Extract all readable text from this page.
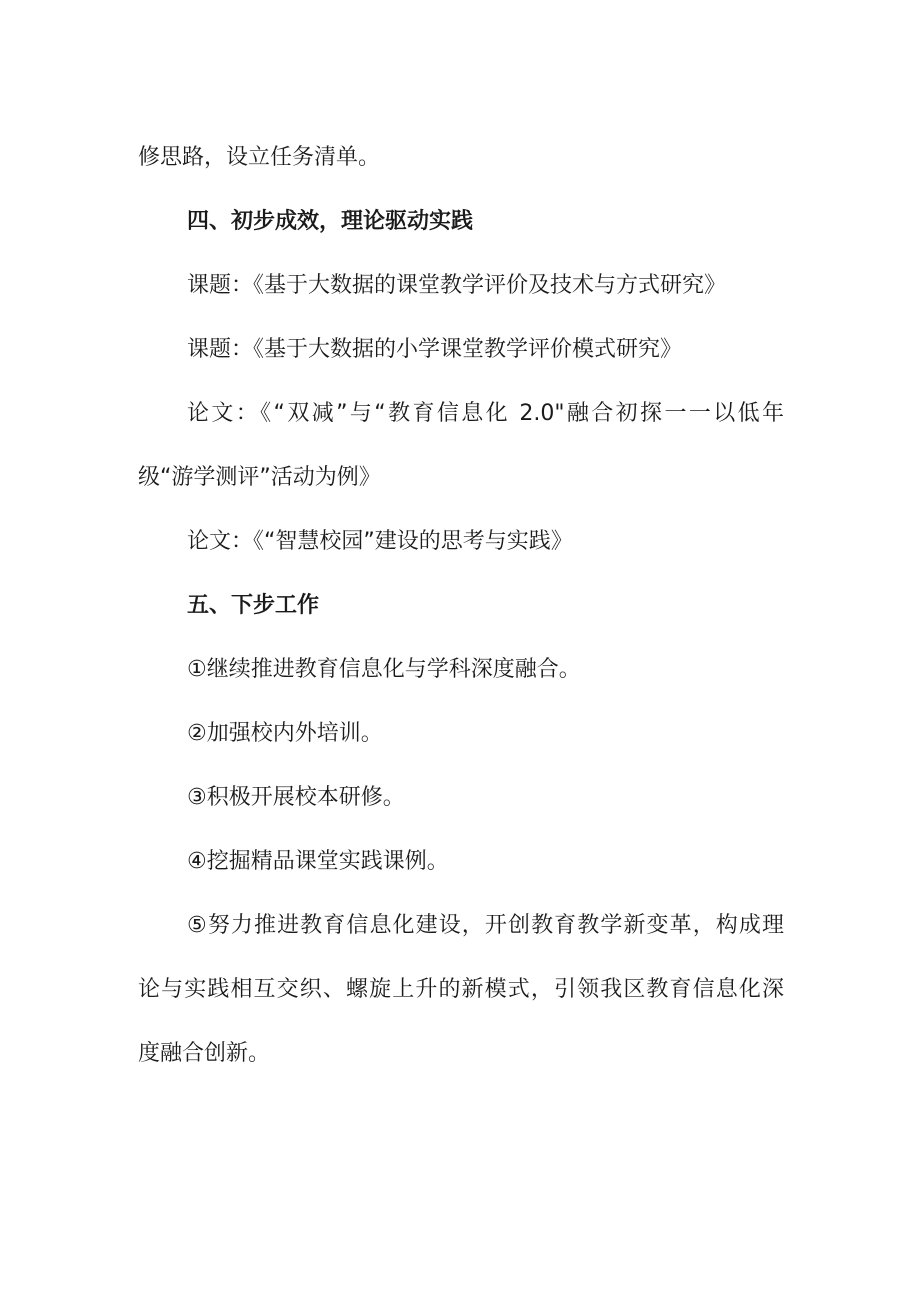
修思路，设立任务清单。
四、初步成效，理论驱动实践
课题：《基于大数据的课堂教学评价及技术与方式研究》
课题：《基于大数据的小学课堂教学评价模式研究》
论文：《“双减”与“教育信息化 2.0"融合初探一一以低年
级“游学测评”活动为例》
论文：《“智慧校园”建设的思考与实践》
五、下步工作
①继续推进教育信息化与学科深度融合。
②加强校内外培训。
③积极开展校本研修。
④挖掘精品课堂实践课例。
⑤努力推进教育信息化建设，开创教育教学新变革，构成理
论与实践相互交织、螺旋上升的新模式，引领我区教育信息化深
度融合创新。
